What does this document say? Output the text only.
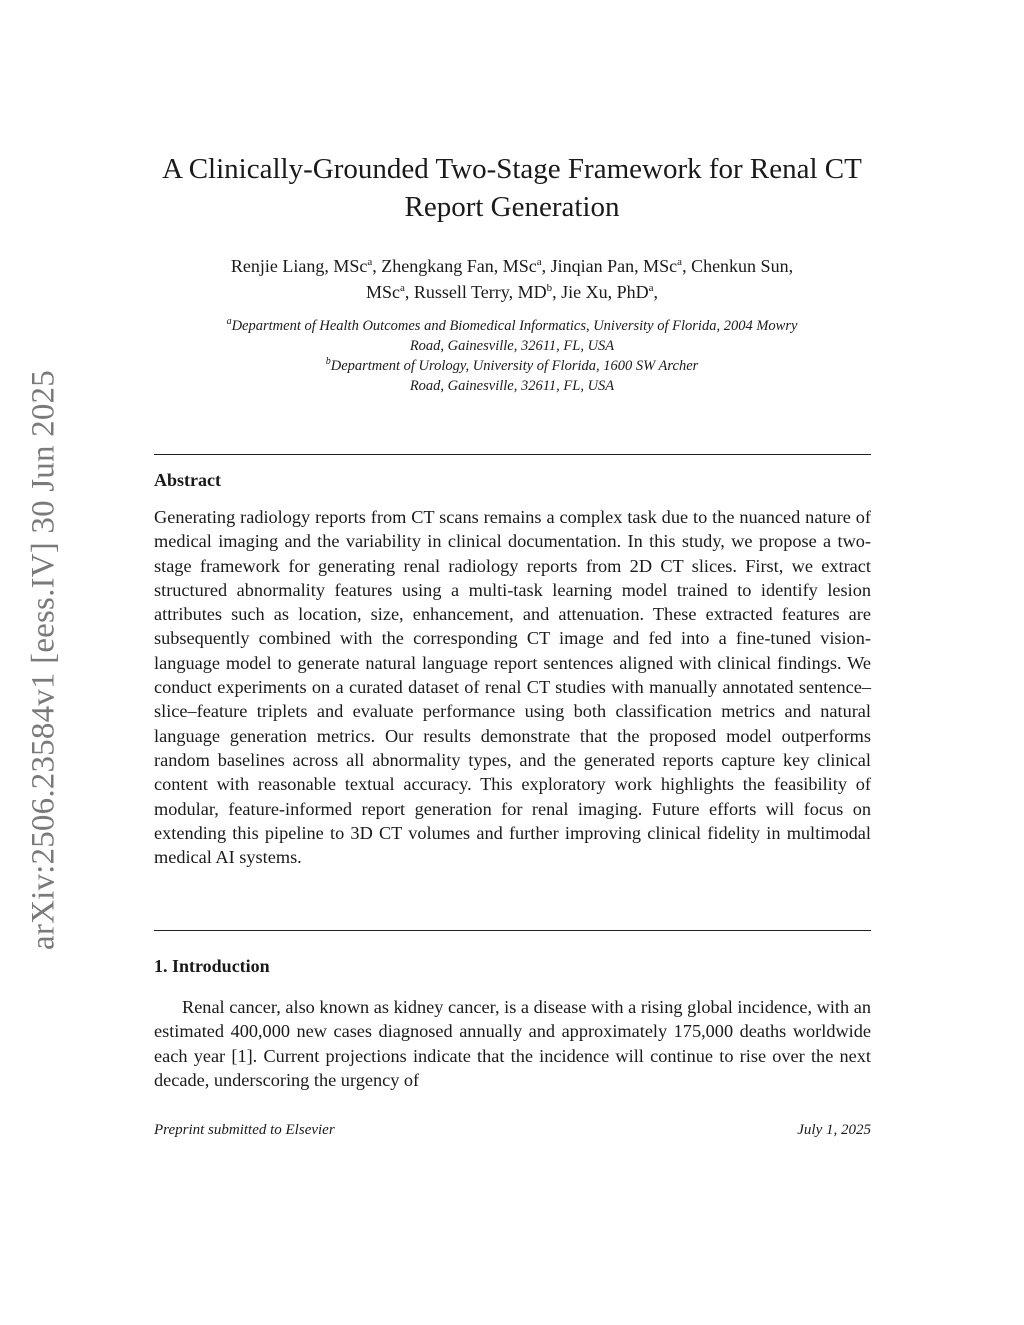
arXiv:2506.23584v1 [eess.IV] 30 Jun 2025
A Clinically-Grounded Two-Stage Framework for Renal CT
Report Generation
Renjie Liang, MSc$^a$, Zhengkang Fan, MSc$^a$, Jinqian Pan, MSc$^a$, Chenkun Sun,
MSc$^a$, Russell Terry, $MD^b$, Jie Xu, PhD$^a$,
$^a$Department of Health Outcomes and Biomedical Informatics, University of Florida, 2004 Mowry
Road, Gainesville, 32611, FL, USA
$^b$Department of Urology, University of Florida, 1600 SW Archer
Road, Gainesville, 32611, FL, USA
Abstract
Generating radiology reports from CT scans remains a complex task due to the nuanced nature of medical imaging and the variability in clinical documentation. In this study, we propose a two-stage framework for generating renal radiology reports from 2D CT slices. First, we extract structured abnormality features using a multi-task learning model trained to identify lesion attributes such as location, size, enhancement, and attenuation. These extracted features are subsequently combined with the corresponding CT image and fed into a fine-tuned vision-language model to generate natural language report sentences aligned with clinical findings. We conduct experiments on a curated dataset of renal CT studies with manually annotated sentence–slice–feature triplets and evaluate performance using both classification metrics and natural language generation metrics. Our results demonstrate that the proposed model outperforms random baselines across all abnormality types, and the generated reports capture key clinical content with reasonable textual accuracy. This exploratory work highlights the feasibility of modular, feature-informed report generation for renal imaging. Future efforts will focus on extending this pipeline to 3D CT volumes and further improving clinical fidelity in multimodal medical AI systems.
1. Introduction
Renal cancer, also known as kidney cancer, is a disease with a rising global incidence, with an estimated 400,000 new cases diagnosed annually and approximately 175,000 deaths worldwide each year [1]. Current projections indicate that the incidence will continue to rise over the next decade, underscoring the urgency of
Preprint submitted to Elsevier	July 1, 2025
